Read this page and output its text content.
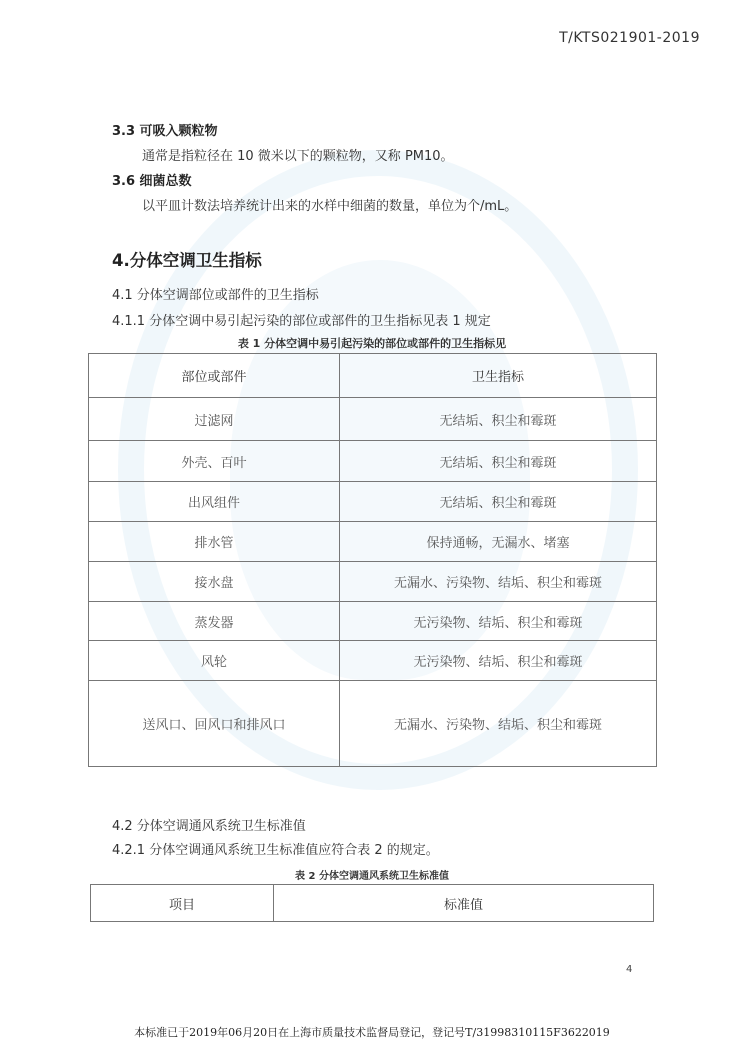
T/KTS021901-2019
3.3 可吸入颗粒物
通常是指粒径在 10 微米以下的颗粒物，又称 PM10。
3.6 细菌总数
以平皿计数法培养统计出来的水样中细菌的数量，单位为个/mL。
4.分体空调卫生指标
4.1 分体空调部位或部件的卫生指标
4.1.1 分体空调中易引起污染的部位或部件的卫生指标见表 1 规定
表 1 分体空调中易引起污染的部位或部件的卫生指标见
部位或部件	卫生指标
过滤网	无结垢、积尘和霉斑
外壳、百叶	无结垢、积尘和霉斑
出风组件	无结垢、积尘和霉斑
排水管	保持通畅，无漏水、堵塞
接水盘	无漏水、污染物、结垢、积尘和霉斑
蒸发器	无污染物、结垢、积尘和霉斑
风轮	无污染物、结垢、积尘和霉斑
送风口、回风口和排风口	无漏水、污染物、结垢、积尘和霉斑
4.2 分体空调通风系统卫生标准值
4.2.1 分体空调通风系统卫生标准值应符合表 2 的规定。
表 2 分体空调通风系统卫生标准值
项目	标准值
4
本标准已于2019年06月20日在上海市质量技术监督局登记，登记号T/31998310115F3622019
